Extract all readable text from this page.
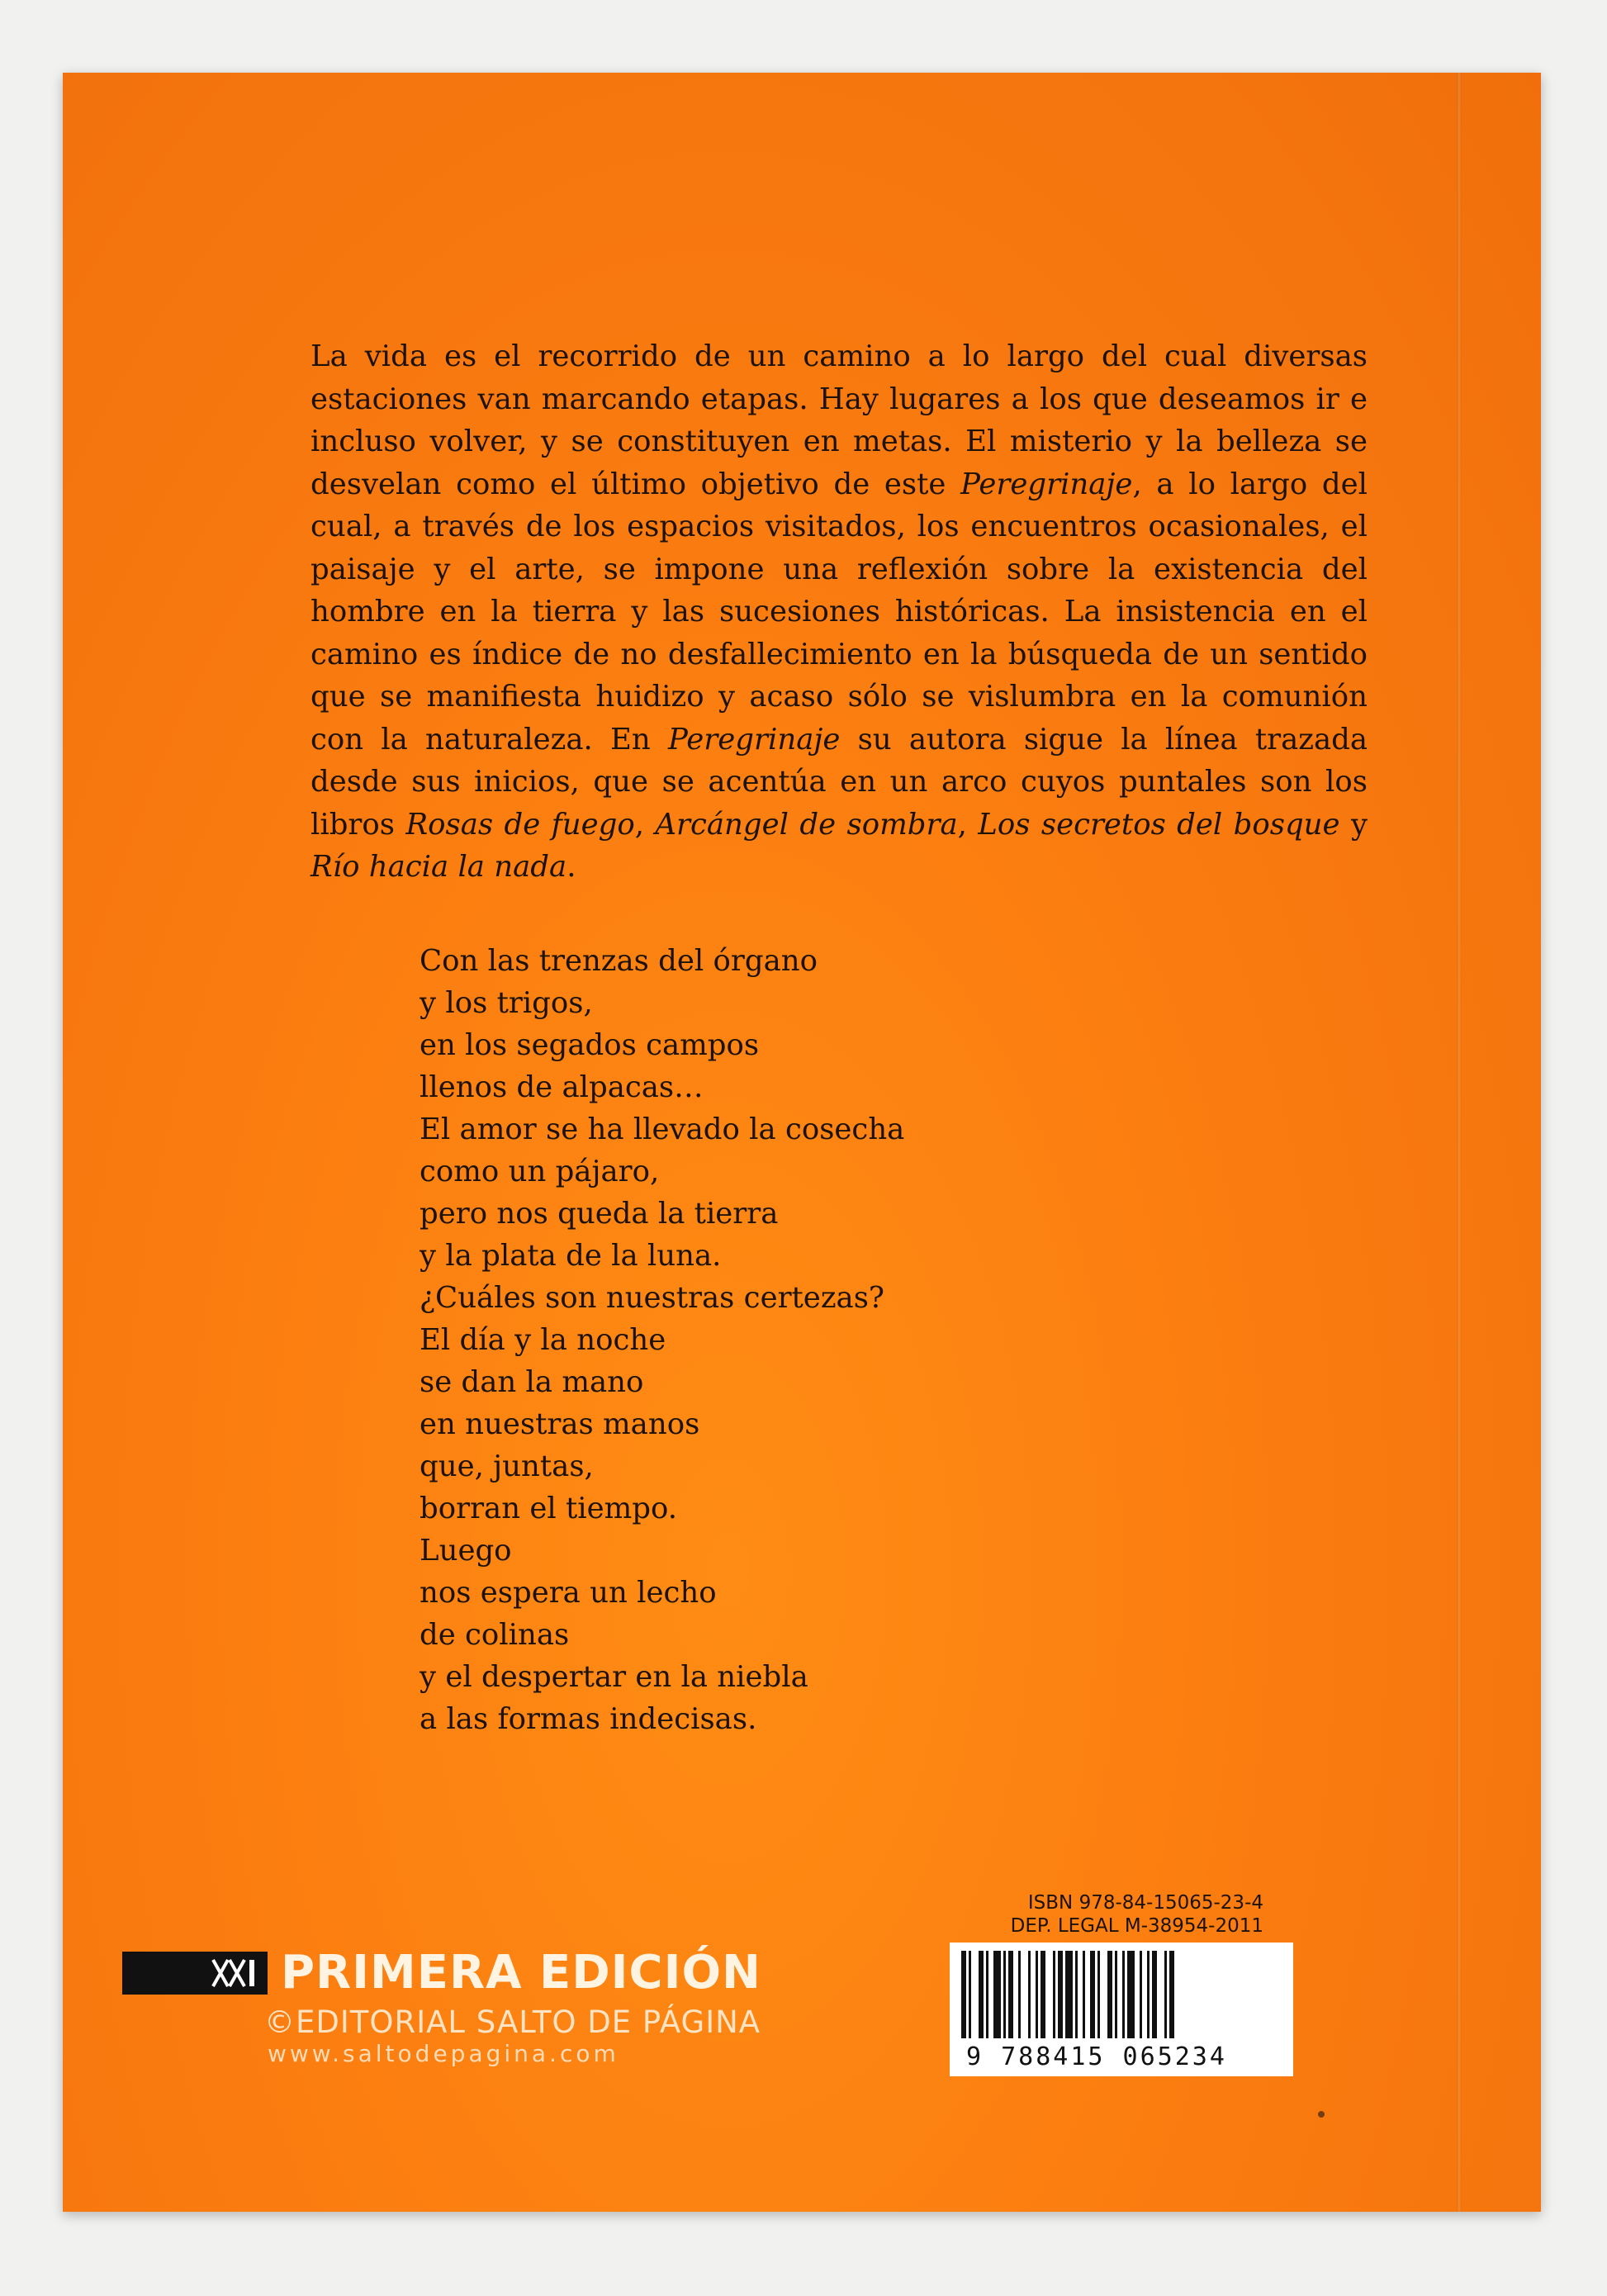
La vida es el recorrido de un camino a lo largo del cual diversas estaciones van marcando etapas. Hay lugares a los que deseamos ir e incluso volver, y se constituyen en metas. El misterio y la belleza se desvelan como el último objetivo de este Peregrinaje, a lo largo del cual, a través de los espacios visitados, los encuentros ocasionales, el paisaje y el arte, se impone una reflexión sobre la existencia del hombre en la tierra y las sucesiones históricas. La insistencia en el camino es índice de no desfallecimiento en la búsqueda de un sentido que se manifiesta huidizo y acaso sólo se vislumbra en la comunión con la naturaleza. En Peregrinaje su autora sigue la línea trazada desde sus inicios, que se acentúa en un arco cuyos puntales son los libros Rosas de fuego, Arcángel de sombra, Los secretos del bosque y Río hacia la nada.

Con las trenzas del órgano
y los trigos,
en los segados campos
llenos de alpacas…
El amor se ha llevado la cosecha
como un pájaro,
pero nos queda la tierra
y la plata de la luna.
¿Cuáles son nuestras certezas?
El día y la noche
se dan la mano
en nuestras manos
que, juntas,
borran el tiempo.
Luego
nos espera un lecho
de colinas
y el despertar en la niebla
a las formas indecisas.
PRIMERA EDICIÓN
©EDITORIAL SALTO DE PÁGINA
www.saltodepagina.com
ISBN 978-84-15065-23-4
DEP. LEGAL M-38954-2011
9 788415 065234
